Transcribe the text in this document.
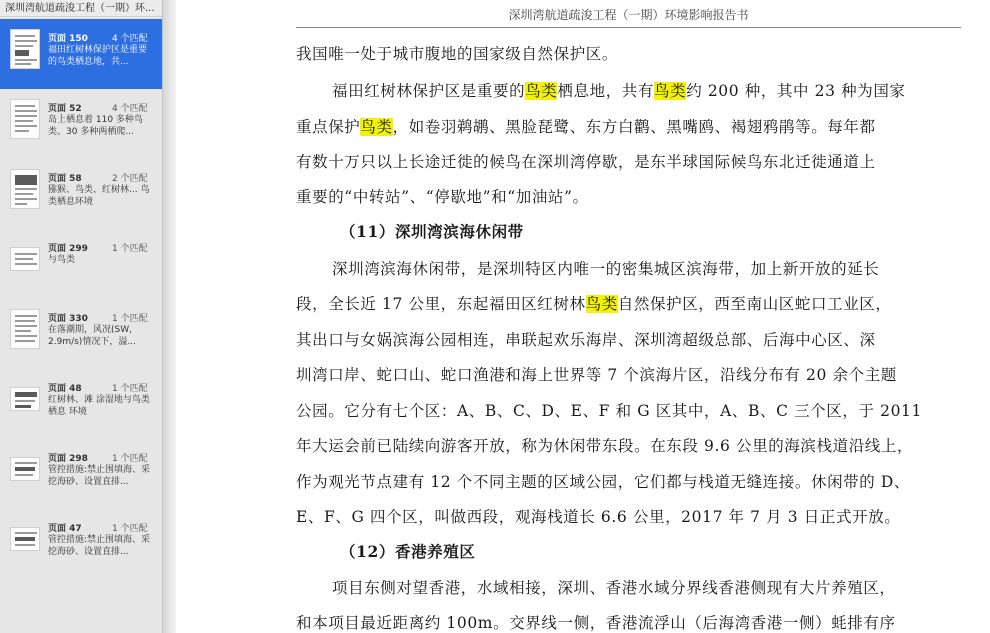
深圳湾航道疏浚工程（一期）环...
页面 150	4 个匹配
福田红树林保护区是重要的鸟类栖息地，共...
页面 52	4 个匹配
岛上栖息着 110 多种鸟类、30 多种两栖爬...
页面 58	2 个匹配
猕猴、鸟类、红树林... 鸟类栖息环境
页面 299	1 个匹配
与鸟类
页面 330	1 个匹配
在落潮期，风况(SW，2.9m/s)情况下，溢...
页面 48	1 个匹配
红树林、滩 涂湿地与鸟类栖息 环境
页面 298	1 个匹配
管控措施:禁止围填海、采挖海砂、设置直排...
页面 47	1 个匹配
管控措施:禁止围填海、采挖海砂、设置直排...
深圳湾航道疏浚工程（一期）环境影响报告书
我国唯一处于城市腹地的国家级自然保护区。
福田红树林保护区是重要的鸟类栖息地，共有鸟类约 200 种，其中 23 种为国家
重点保护鸟类，如卷羽鹈鹕、黑脸琵鹭、东方白鹳、黑嘴鸥、褐翅鸦鹃等。每年都
有数十万只以上长途迁徙的候鸟在深圳湾停歇，是东半球国际候鸟东北迁徙通道上
重要的“中转站”、“停歇地”和“加油站”。
（11）深圳湾滨海休闲带
深圳湾滨海休闲带，是深圳特区内唯一的密集城区滨海带，加上新开放的延长
段，全长近 17 公里，东起福田区红树林鸟类自然保护区，西至南山区蛇口工业区，
其出口与女娲滨海公园相连，串联起欢乐海岸、深圳湾超级总部、后海中心区、深
圳湾口岸、蛇口山、蛇口渔港和海上世界等 7 个滨海片区，沿线分布有 20 余个主题
公园。它分有七个区：A、B、C、D、E、F 和 G 区其中，A、B、C 三个区，于 2011
年大运会前已陆续向游客开放，称为休闲带东段。在东段 9.6 公里的海滨栈道沿线上，
作为观光节点建有 12 个不同主题的区域公园，它们都与栈道无缝连接。休闲带的 D、
E、F、G 四个区，叫做西段，观海栈道长 6.6 公里，2017 年 7 月 3 日正式开放。
（12）香港养殖区
项目东侧对望香港，水域相接，深圳、香港水域分界线香港侧现有大片养殖区，
和本项目最近距离约 100m。交界线一侧，香港流浮山（后海湾香港一侧）蚝排有序
